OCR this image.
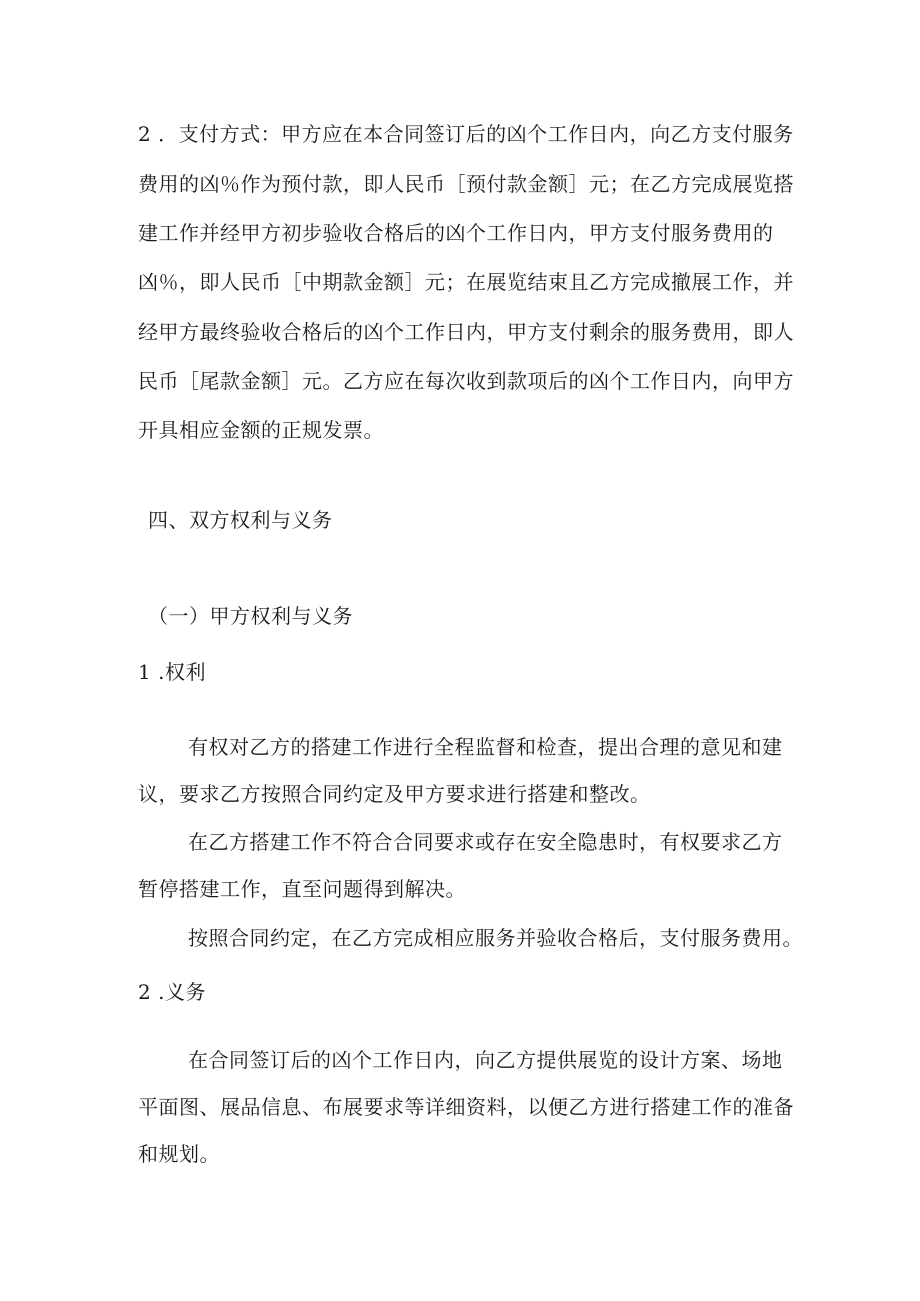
2 ．支付方式：甲方应在本合同签订后的凶个工作日内，向乙方支付服务
费用的凶％作为预付款，即人民币［预付款金额］元；在乙方完成展览搭
建工作并经甲方初步验收合格后的凶个工作日内，甲方支付服务费用的
凶％，即人民币［中期款金额］元；在展览结束且乙方完成撤展工作，并
经甲方最终验收合格后的凶个工作日内，甲方支付剩余的服务费用，即人
民币［尾款金额］元。乙方应在每次收到款项后的凶个工作日内，向甲方
开具相应金额的正规发票。
四、双方权利与义务
（一）甲方权利与义务
1 .权利
有权对乙方的搭建工作进行全程监督和检查，提出合理的意见和建
议，要求乙方按照合同约定及甲方要求进行搭建和整改。
在乙方搭建工作不符合合同要求或存在安全隐患时，有权要求乙方
暂停搭建工作，直至问题得到解决。
按照合同约定，在乙方完成相应服务并验收合格后，支付服务费用。
2 .义务
在合同签订后的凶个工作日内，向乙方提供展览的设计方案、场地
平面图、展品信息、布展要求等详细资料，以便乙方进行搭建工作的准备
和规划。
